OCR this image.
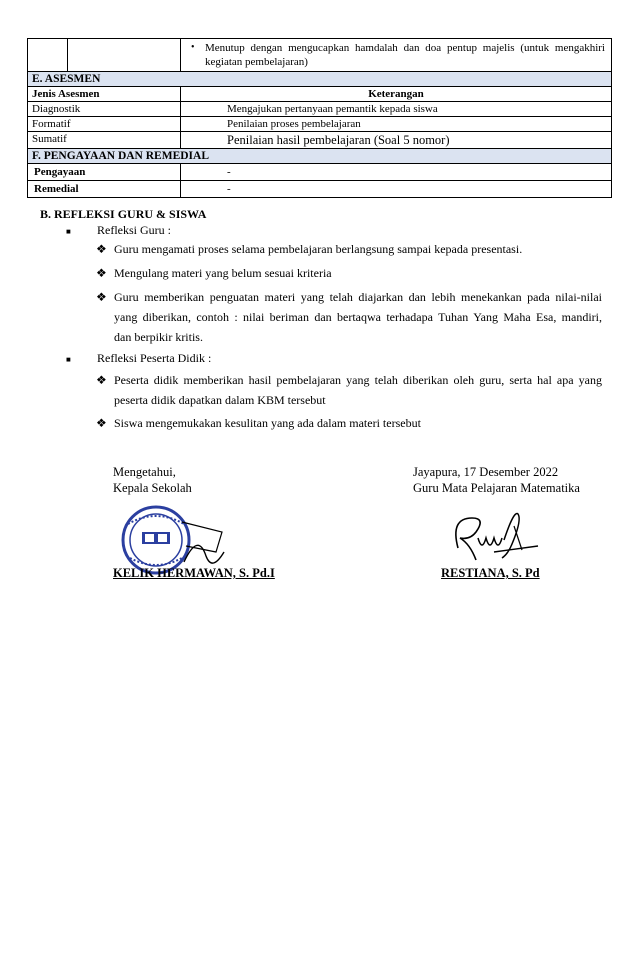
		• Menutup dengan mengucapkan hamdalah dan doa pentup majelis (untuk mengakhiri kegiatan pembelajaran)
E. ASESMEN		
Jenis Asesmen		Keterangan
Diagnostik		Mengajukan pertanyaan pemantik kepada siswa
Formatif		Penilaian proses pembelajaran
Sumatif		Penilaian hasil pembelajaran (Soal 5 nomor)
F. PENGAYAAN DAN REMEDIAL		
Pengayaan		-
Remedial		-
B. REFLEKSI GURU & SISWA
■ Refleksi Guru :
❖ Guru mengamati proses selama pembelajaran berlangsung sampai kepada presentasi.
❖ Mengulang materi yang belum sesuai kriteria
❖ Guru memberikan penguatan materi yang telah diajarkan dan lebih menekankan pada nilai-nilai
yang diberikan, contoh : nilai beriman dan bertaqwa terhadapa Tuhan Yang Maha Esa, mandiri,
dan berpikir kritis.
■ Refleksi Peserta Didik :
❖ Peserta didik memberikan hasil pembelajaran yang telah diberikan oleh guru, serta hal apa yang
peserta didik dapatkan dalam KBM tersebut
❖ Siswa mengemukakan kesulitan yang ada dalam materi tersebut
Mengetahui,
Kepala Sekolah
Jayapura, 17 Desember 2022
Guru Mata Pelajaran Matematika
KELIK HERMAWAN, S. Pd.I	RESTIANA, S. Pd
